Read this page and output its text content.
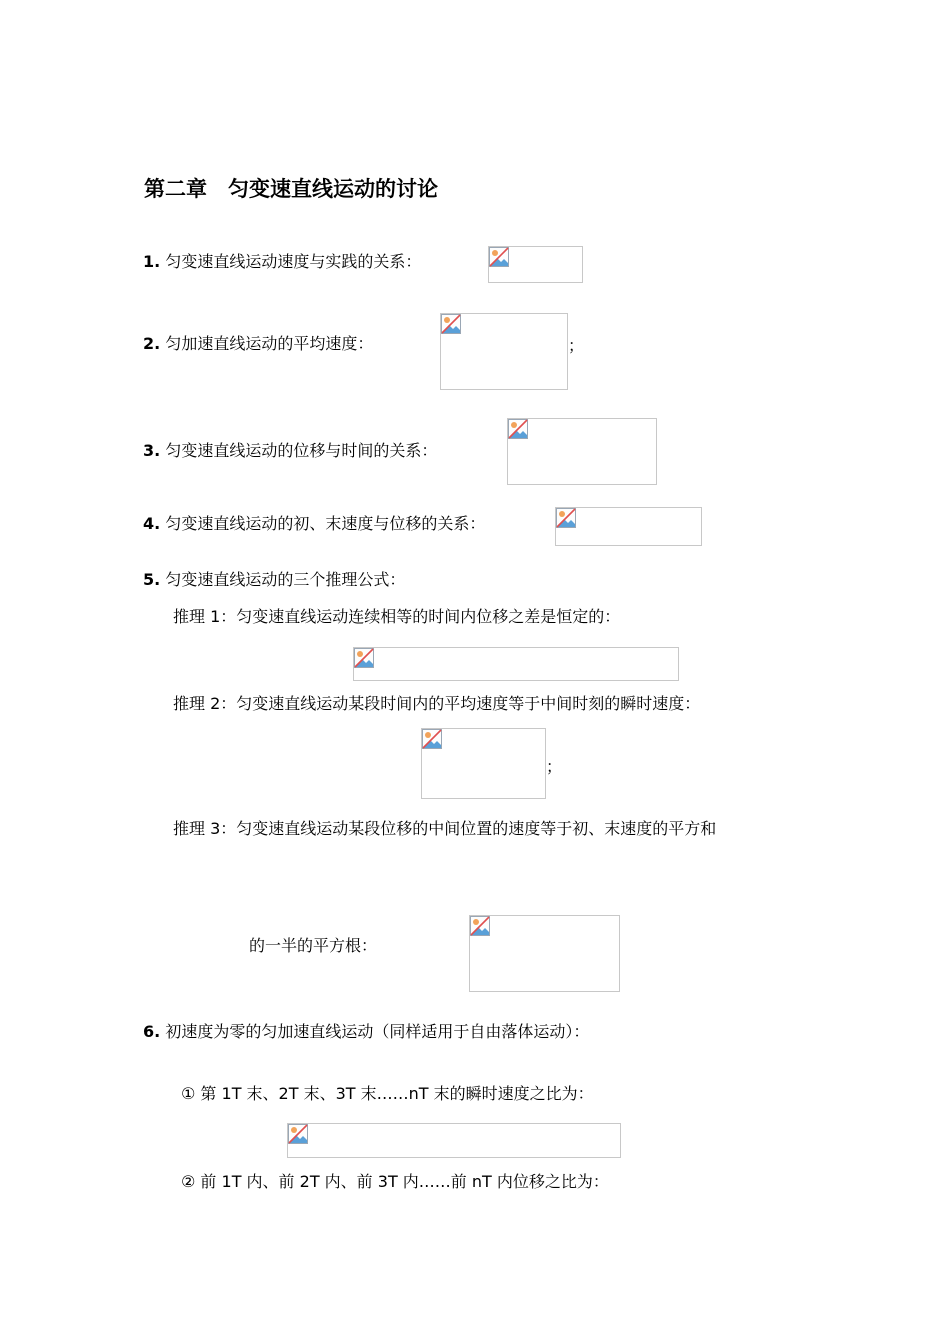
第二章　匀变速直线运动的讨论
1. 匀变速直线运动速度与实践的关系：
2. 匀加速直线运动的平均速度：	；
3. 匀变速直线运动的位移与时间的关系：
4. 匀变速直线运动的初、末速度与位移的关系：
5. 匀变速直线运动的三个推理公式：
推理 1：匀变速直线运动连续相等的时间内位移之差是恒定的：
推理 2：匀变速直线运动某段时间内的平均速度等于中间时刻的瞬时速度：
；
推理 3：匀变速直线运动某段位移的中间位置的速度等于初、末速度的平方和
的一半的平方根：
6. 初速度为零的匀加速直线运动（同样适用于自由落体运动）：
① 第 1T 末、2T 末、3T 末……nT 末的瞬时速度之比为：
② 前 1T 内、前 2T 内、前 3T 内……前 nT 内位移之比为：
